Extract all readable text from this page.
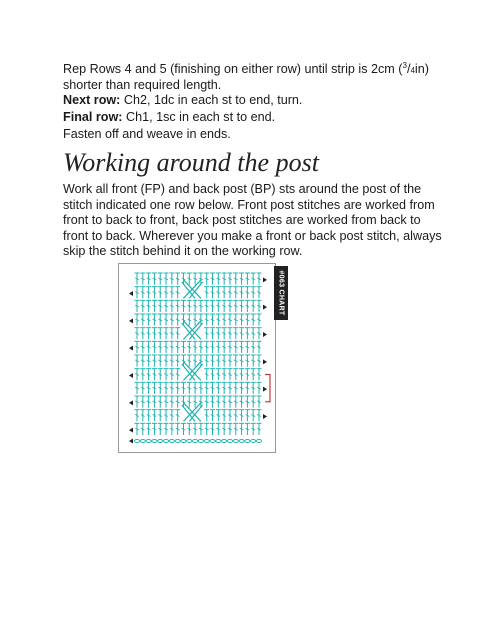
Rep Rows 4 and 5 (finishing on either row) until strip is 2cm ($^3$/4in) shorter than required length.

Next row: Ch2, 1dc in each st to end, turn.

Final row: Ch1, 1sc in each st to end.

Fasten off and weave in ends.

Working around the post

Work all front (FP) and back post (BP) sts around the post of the stitch indicated one row below. Front post stitches are worked from front to back to front, back post stitches are worked from back to front to back. Wherever you make a front or back post stitch, always skip the stitch behind it on the working row.

#063 CHART
